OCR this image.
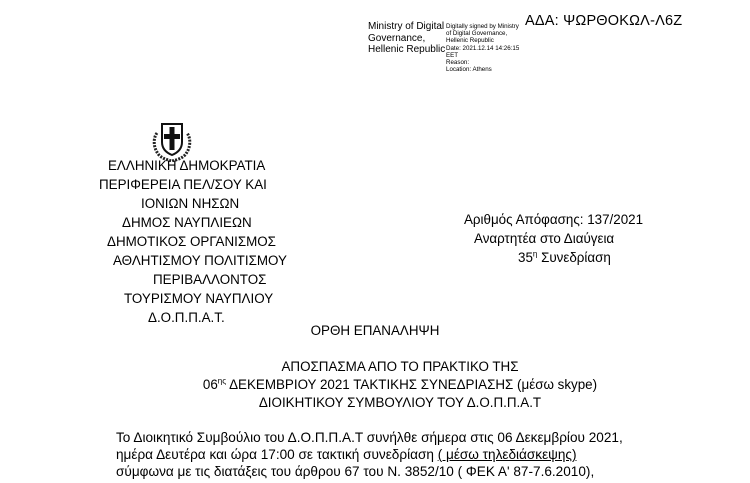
ΑΔΑ: ΨΩΡΘΟΚΩΛ-Λ6Ζ
Ministry of Digital
Governance,
Hellenic Republic
Digitally signed by Ministry
of Digital Governance,
Hellenic Republic
Date: 2021.12.14 14:26:15
EET
Reason:
Location: Athens
ΕΛΛΗΝΙΚΗ ΔΗΜΟΚΡΑΤΙΑ
ΠΕΡΙΦΕΡΕΙΑ ΠΕΛ/ΣΟΥ ΚΑΙ
ΙΟΝΙΩΝ ΝΗΣΩΝ
ΔΗΜΟΣ ΝΑΥΠΛΙΕΩΝ
ΔΗΜΟΤΙΚΟΣ ΟΡΓΑΝΙΣΜΟΣ
ΑΘΛΗΤΙΣΜΟΥ ΠΟΛΙΤΙΣΜΟΥ
ΠΕΡΙΒΑΛΛΟΝΤΟΣ
ΤΟΥΡΙΣΜΟΥ ΝΑΥΠΛΙΟΥ
Δ.Ο.Π.Π.Α.Τ.
Αριθμός Απόφασης: 137/2021
Αναρτητέα στο Διαύγεια
$35^\eta$ Συνεδρίαση
ΟΡΘΗ ΕΠΑΝΑΛΗΨΗ
ΑΠΟΣΠΑΣΜΑ ΑΠΟ ΤΟ ΠΡΑΚΤΙΚΟ ΤΗΣ
$06^{\eta\varsigma}$ ΔΕΚΕΜΒΡΙΟΥ 2021 ΤΑΚΤΙΚΗΣ ΣΥΝΕΔΡΙΑΣΗΣ (μέσω skype)
ΔΙΟΙΚΗΤΙΚΟΥ ΣΥΜΒΟΥΛΙΟΥ ΤΟΥ Δ.Ο.Π.Π.Α.Τ
Το Διοικητικό Συμβούλιο του Δ.Ο.Π.Π.Α.Τ συνήλθε σήμερα στις 06 Δεκεμβρίου 2021,
ημέρα Δευτέρα και ώρα 17:00 σε τακτική συνεδρίαση ( μέσω τηλεδιάσκεψης)
σύμφωνα με τις διατάξεις του άρθρου 67 του Ν. 3852/10 ( ΦΕΚ Α' 87-7.6.2010),
